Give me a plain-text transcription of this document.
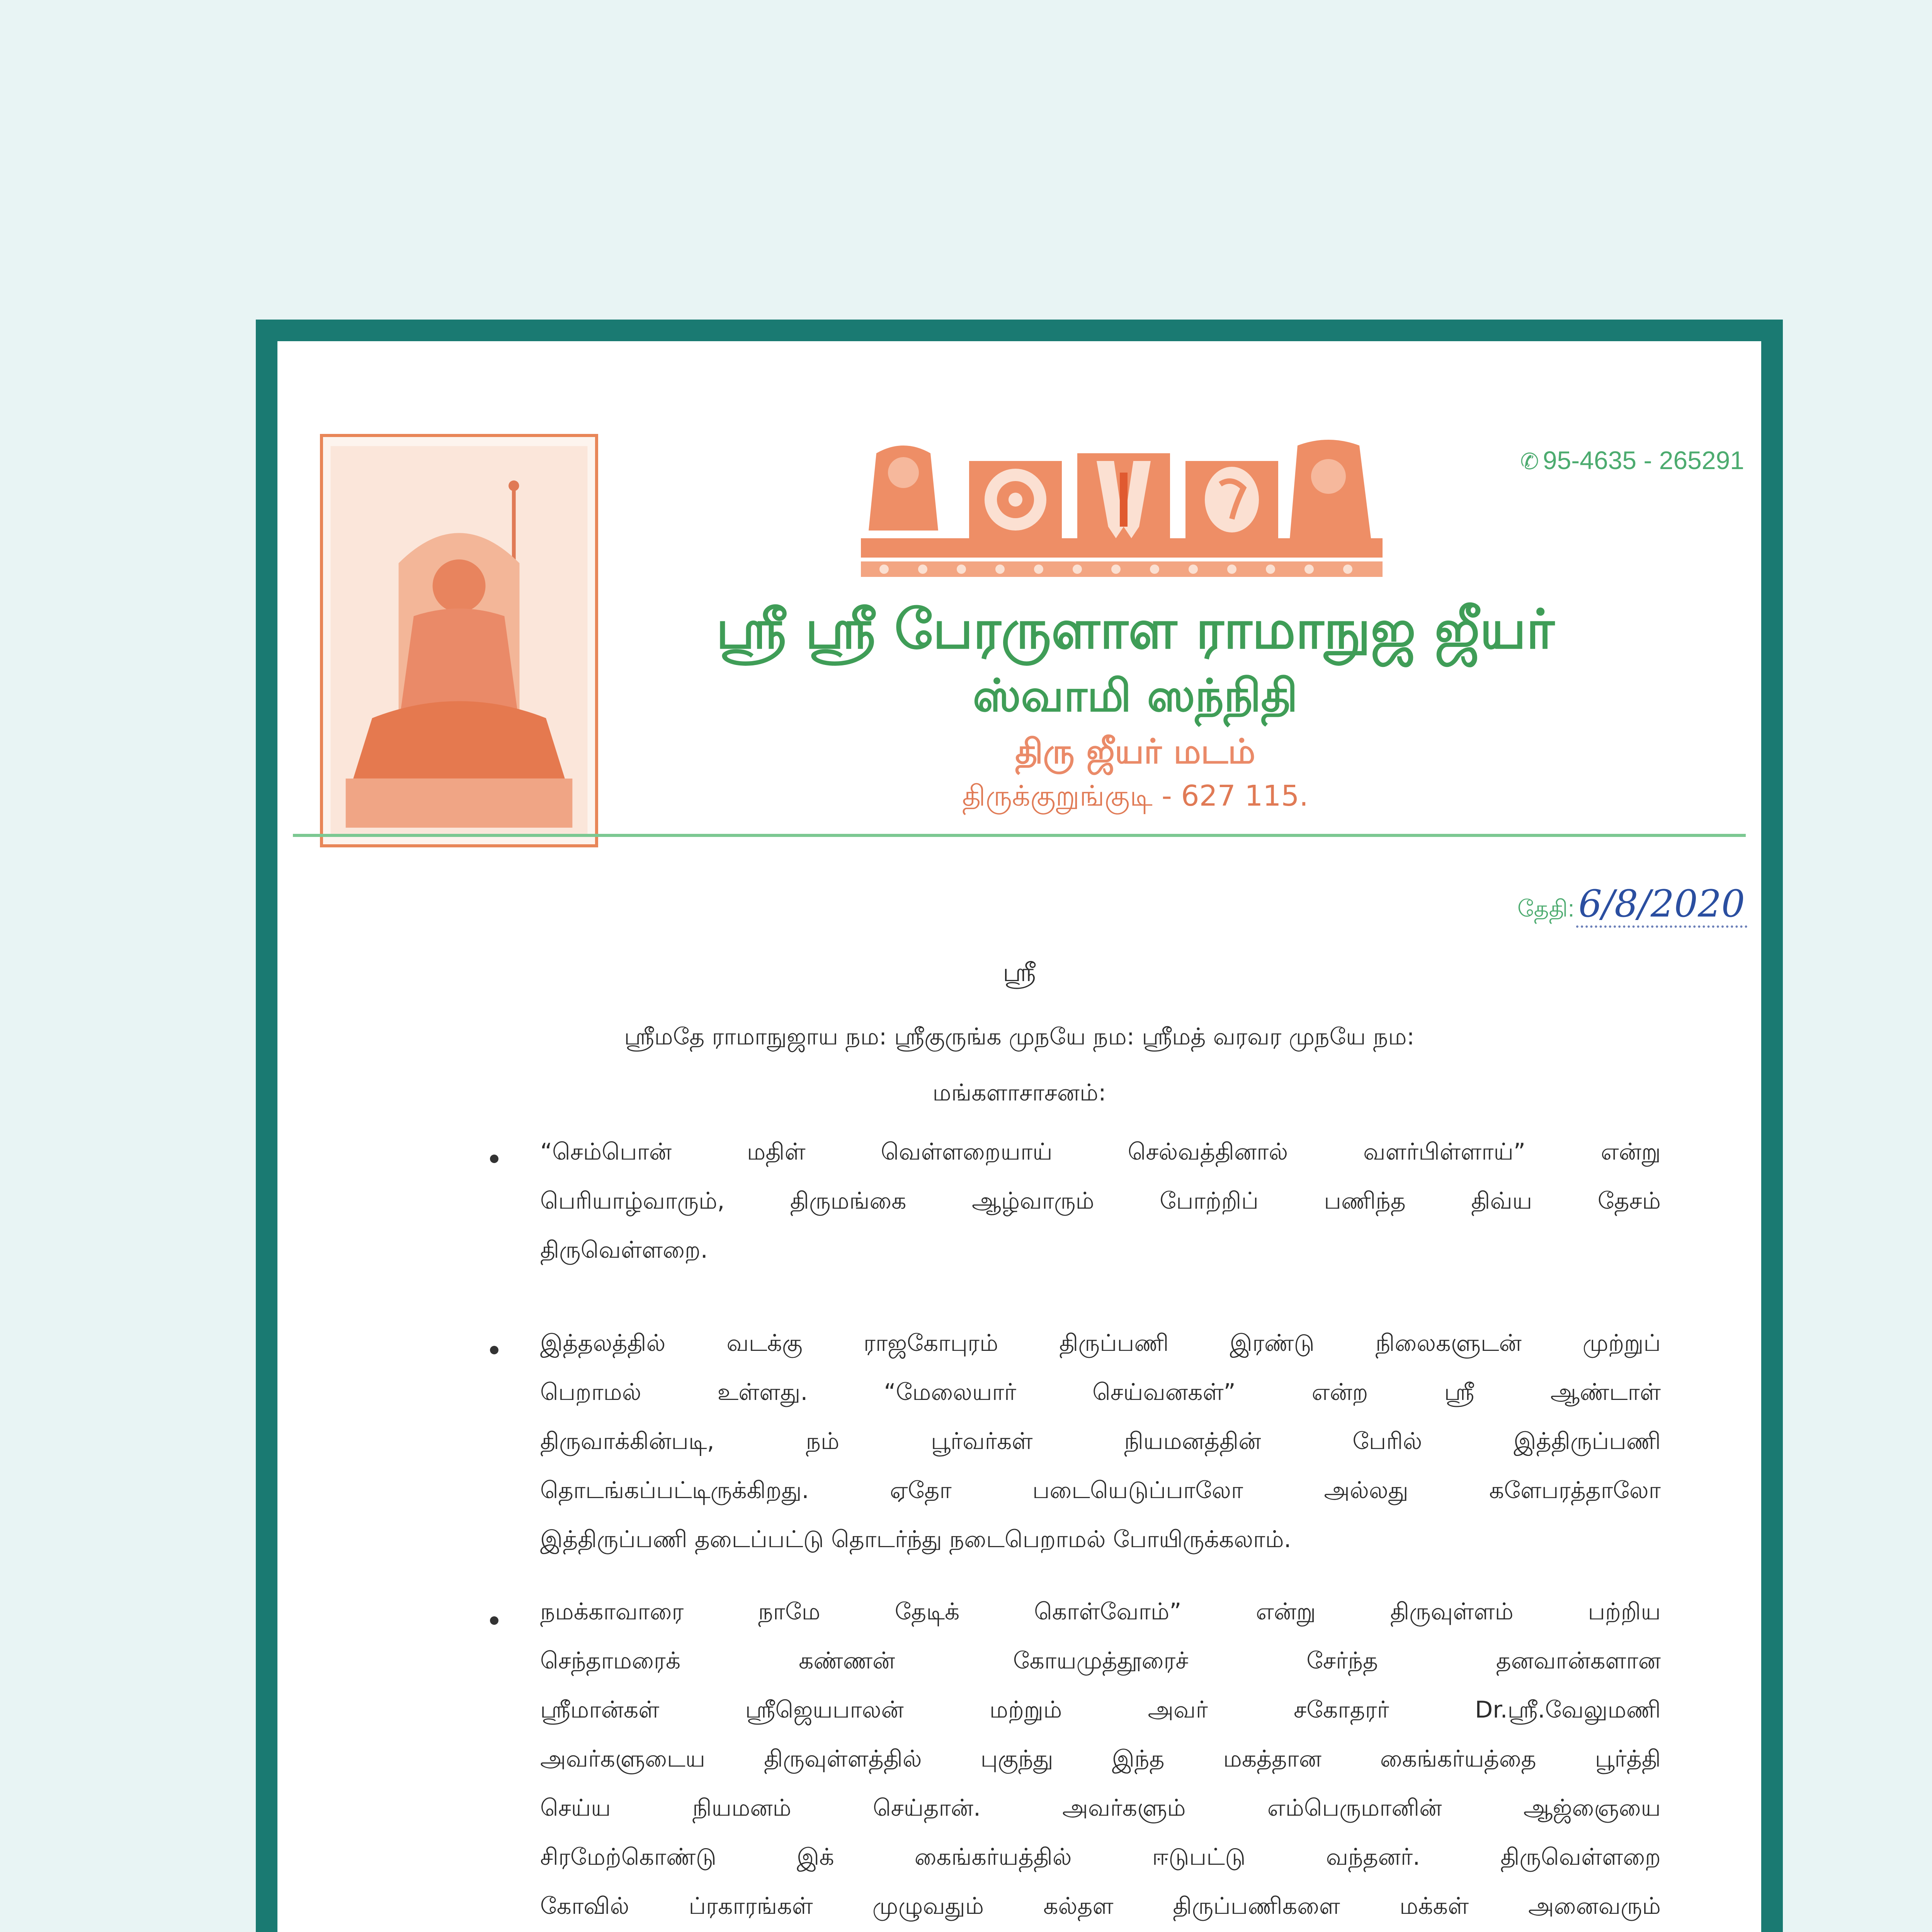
✆ 95-4635 - 265291
ஸ்ரீ ஸ்ரீ பேரருளாள ராமாநுஜ ஜீயர்
ஸ்வாமி ஸந்நிதி
திரு ஜீயர் மடம்
திருக்குறுங்குடி - 627 115.
தேதி: 6/8/2020
ஸ்ரீ
ஸ்ரீமதே ராமாநுஜாய நம: ஸ்ரீகுருங்க முநயே நம: ஸ்ரீமத் வரவர முநயே நம:
மங்களாசாசனம்:
“செம்பொன் மதிள் வெள்ளறையாய் செல்வத்தினால் வளர்பிள்ளாய்” என்று
பெரியாழ்வாரும், திருமங்கை ஆழ்வாரும் போற்றிப் பணிந்த திவ்ய தேசம்
திருவெள்ளறை.
இத்தலத்தில் வடக்கு ராஜகோபுரம் திருப்பணி இரண்டு நிலைகளுடன் முற்றுப்
பெறாமல் உள்ளது. “மேலையார் செய்வனகள்” என்ற ஸ்ரீ ஆண்டாள்
திருவாக்கின்படி, நம் பூர்வர்கள் நியமனத்தின் பேரில் இத்திருப்பணி
தொடங்கப்பட்டிருக்கிறது. ஏதோ படையெடுப்பாலோ அல்லது களேபரத்தாலோ
இத்திருப்பணி தடைப்பட்டு தொடர்ந்து நடைபெறாமல் போயிருக்கலாம்.
நமக்காவாரை நாமே தேடிக் கொள்வோம்” என்று திருவுள்ளம் பற்றிய
செந்தாமரைக் கண்ணன் கோயமுத்தூரைச் சேர்ந்த தனவான்களான
ஸ்ரீமான்கள் ஸ்ரீஜெயபாலன் மற்றும் அவர் சகோதரர் Dr.ஸ்ரீ.வேலுமணி
அவர்களுடைய திருவுள்ளத்தில் புகுந்து இந்த மகத்தான கைங்கர்யத்தை பூர்த்தி
செய்ய நியமனம் செய்தான். அவர்களும் எம்பெருமானின் ஆஜ்ஞையை
சிரமேற்கொண்டு இக் கைங்கர்யத்தில் ஈடுபட்டு வந்தனர். திருவெள்ளறை
கோவில் ப்ரகாரங்கள் முழுவதும் கல்தள திருப்பணிகளை மக்கள் அனைவரும்
